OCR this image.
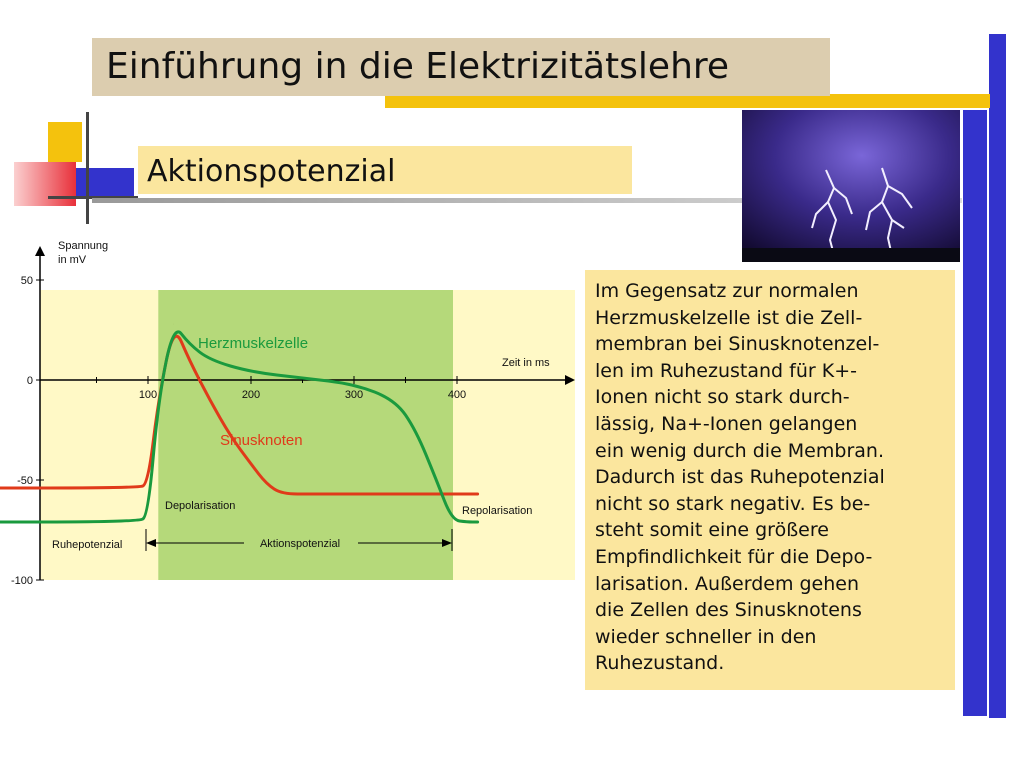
Einführung in die Elektrizitätslehre
Aktionspotenzial
Spannung
in mV
Zeit in ms
50
0
-50
-100
100	200	300	400
Herzmuskelzelle
Sinusknoten
Depolarisation	Repolarisation
Ruhepotenzial	Aktionspotenzial
Im Gegensatz zur normalen
Herzmuskelzelle ist die Zell-
membran bei Sinusknotenzel-
len im Ruhezustand für K+-
Ionen nicht so stark durch-
lässig, Na+-Ionen gelangen
ein wenig durch die Membran.
Dadurch ist das Ruhepotenzial
nicht so stark negativ. Es be-
steht somit eine größere
Empfindlichkeit für die Depo-
larisation. Außerdem gehen
die Zellen des Sinusknotens
wieder schneller in den
Ruhezustand.
